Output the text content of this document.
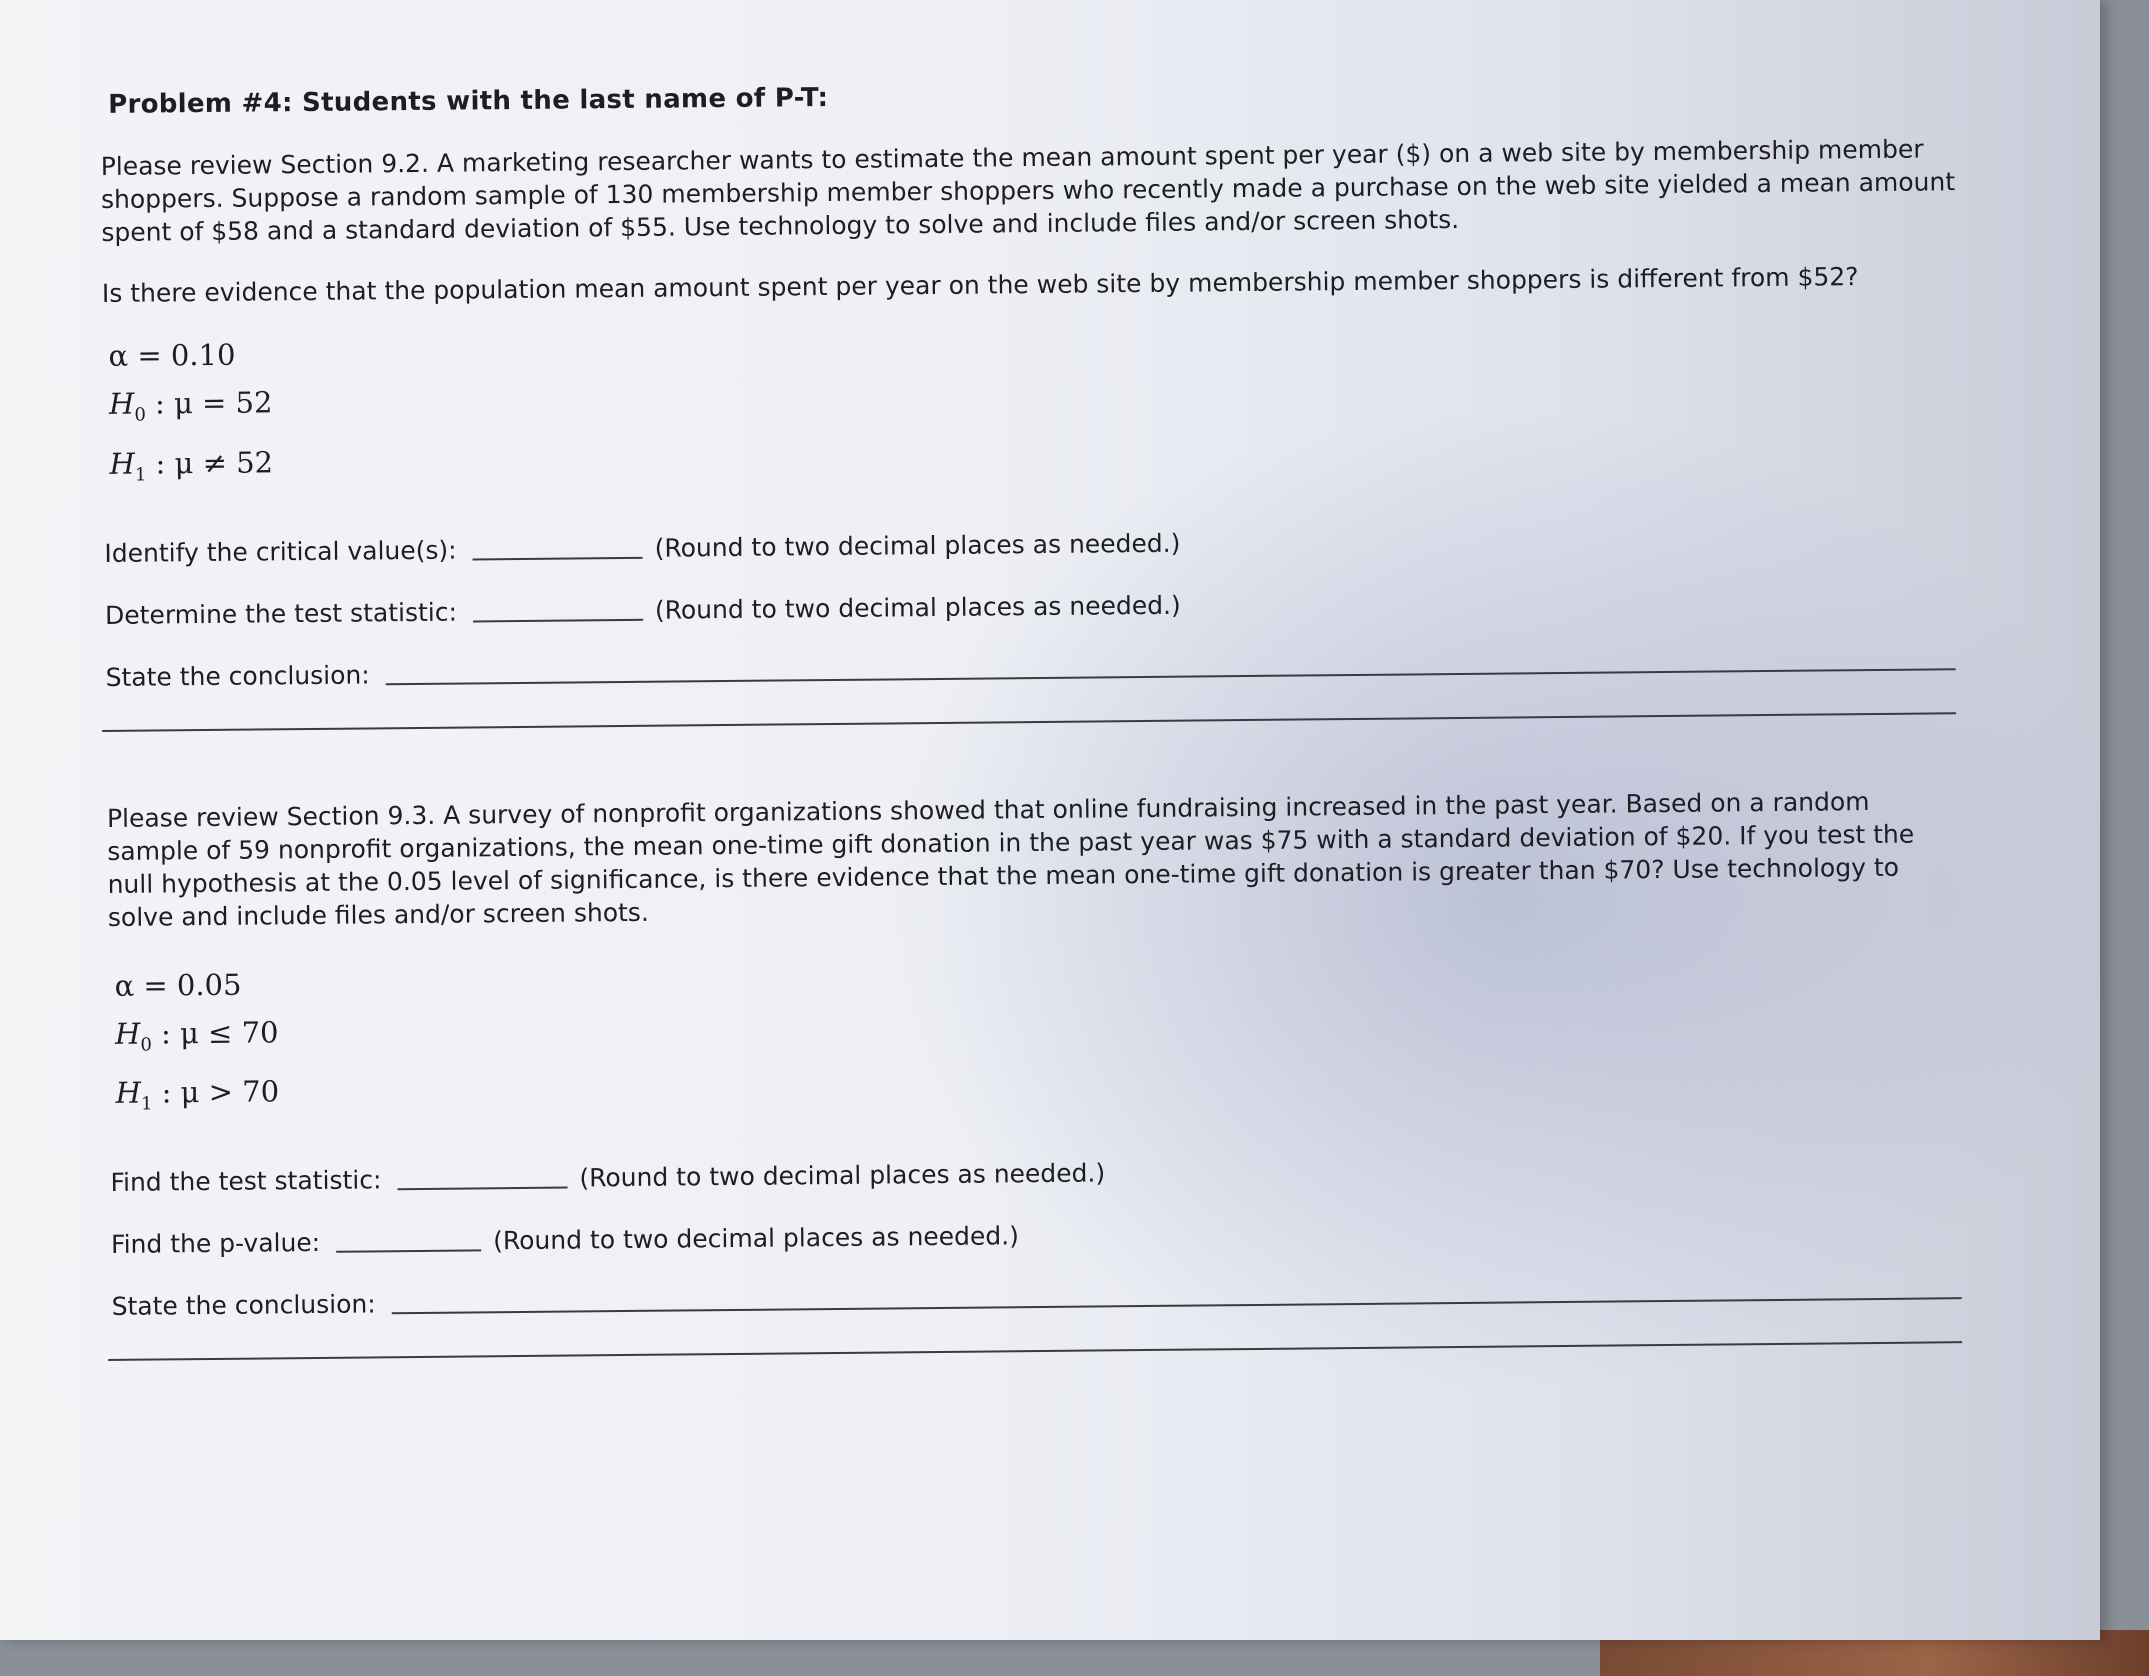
Problem #4: Students with the last name of P-T:
Please review Section 9.2. A marketing researcher wants to estimate the mean amount spent per year ($) on a web site by membership member shoppers. Suppose a random sample of 130 membership member shoppers who recently made a purchase on the web site yielded a mean amount spent of $58 and a standard deviation of $55. Use technology to solve and include files and/or screen shots.
Is there evidence that the population mean amount spent per year on the web site by membership member shoppers is different from $52?
α = 0.10
$H_0$ : μ = 52
$H_1$ : μ ≠ 52
Identify the critical value(s):	(Round to two decimal places as needed.)
Determine the test statistic:	(Round to two decimal places as needed.)
State the conclusion:
Please review Section 9.3. A survey of nonprofit organizations showed that online fundraising increased in the past year. Based on a random sample of 59 nonprofit organizations, the mean one-time gift donation in the past year was $75 with a standard deviation of $20. If you test the null hypothesis at the 0.05 level of significance, is there evidence that the mean one-time gift donation is greater than $70? Use technology to solve and include files and/or screen shots.
α = 0.05
$H_0$ : μ ≤ 70
$H_1$ : μ > 70
Find the test statistic:	(Round to two decimal places as needed.)
Find the p-value:	(Round to two decimal places as needed.)
State the conclusion:
